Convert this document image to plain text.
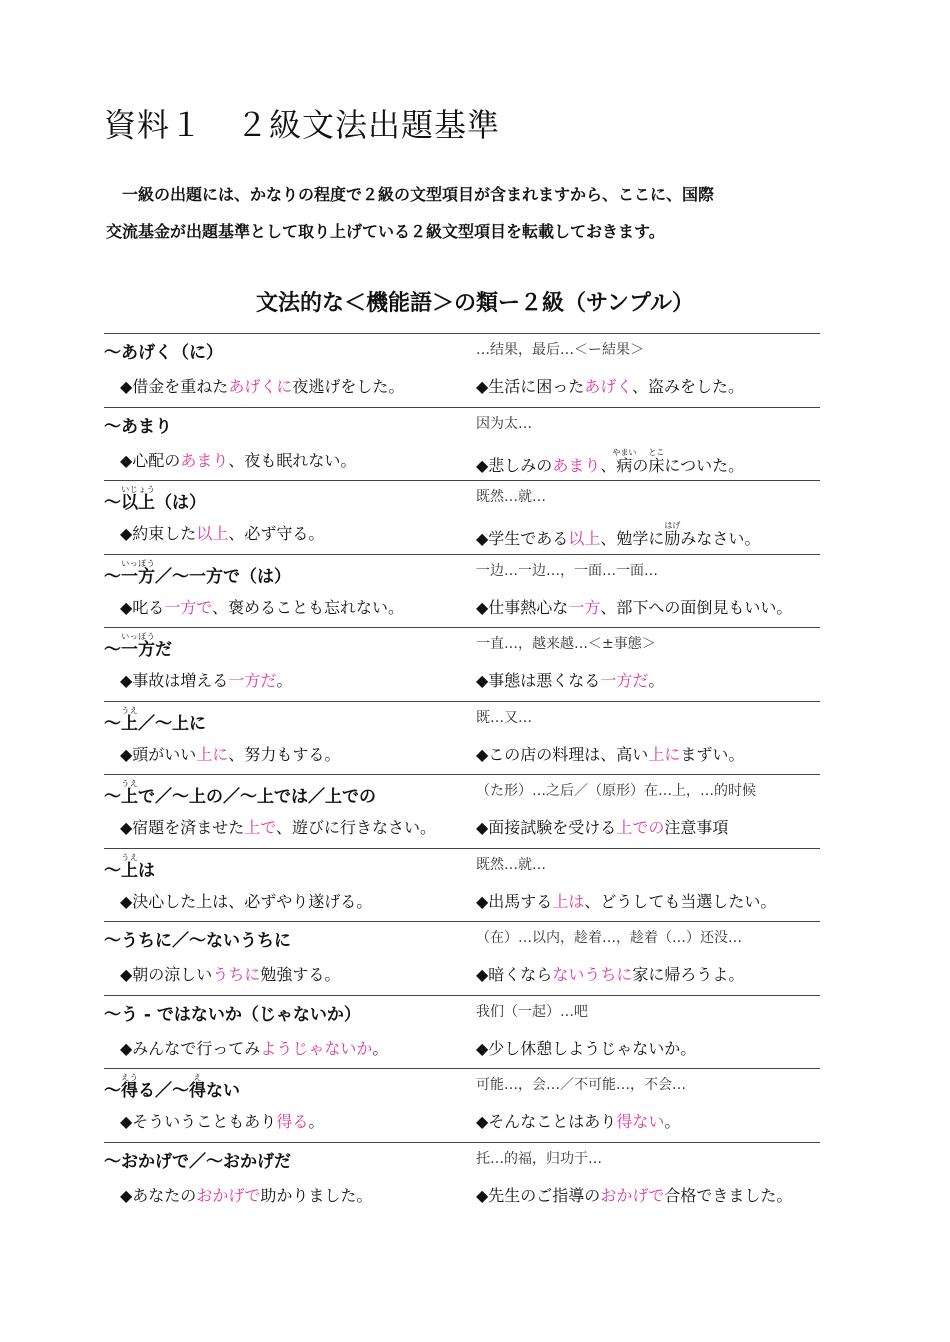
資料１　２級文法出題基準

　一級の出題には、かなりの程度で２級の文型項目が含まれますから、ここに、国際

交流基金が出題基準として取り上げている２級文型項目を転載しておきます。

文法的な＜機能語＞の類ー２級（サンプル）
～あげく（に）	…结果，最后…＜ー結果＞
◆借金を重ねたあげくに夜逃げをした。	◆生活に困ったあげく、盗みをした。
～あまり	因为太…
◆心配のあまり、夜も眠れない。	◆悲しみのあまり、病やまいの床とこについた。
～以上いじょう（は）	既然…就…
◆約束した以上、必ず守る。	◆学生である以上、勉学に励はげみなさい。
～一方いっぽう／～一方で（は）	一边…一边…，一面…一面…
◆叱る一方で、褒めることも忘れない。	◆仕事熱心な一方、部下への面倒見もいい。
～一方いっぽうだ	一直…，越来越…＜±事態＞
◆事故は増える一方だ。	◆事態は悪くなる一方だ。
～上うえ／～上に	既…又…
◆頭がいい上に、努力もする。	◆この店の料理は、高い上にまずい。
～上うえで／～上の／～上では／上での	（た形）…之后／（原形）在…上，…的时候
◆宿題を済ませた上で、遊びに行きなさい。 ◆面接試験を受ける上での注意事項
～上うえは	既然…就…
◆決心した上は、必ずやり遂げる。	◆出馬する上は、どうしても当選したい。
～うちに／～ないうちに	（在）…以内，趁着…，趁着（…）还没…
◆朝の涼しいうちに勉強する。	◆暗くならないうちに家に帰ろうよ。
～う - ではないか（じゃないか）	我们（一起）…吧
◆みんなで行ってみようじゃないか。	◆少し休憩しようじゃないか。
～得えうる／～得えない	可能…，会…／不可能…，不会…
◆そういうこともあり得る。	◆そんなことはあり得ない。
～おかげで／～おかげだ	托…的福，归功于…
◆あなたのおかげで助かりました。	◆先生のご指導のおかげで合格できました。
